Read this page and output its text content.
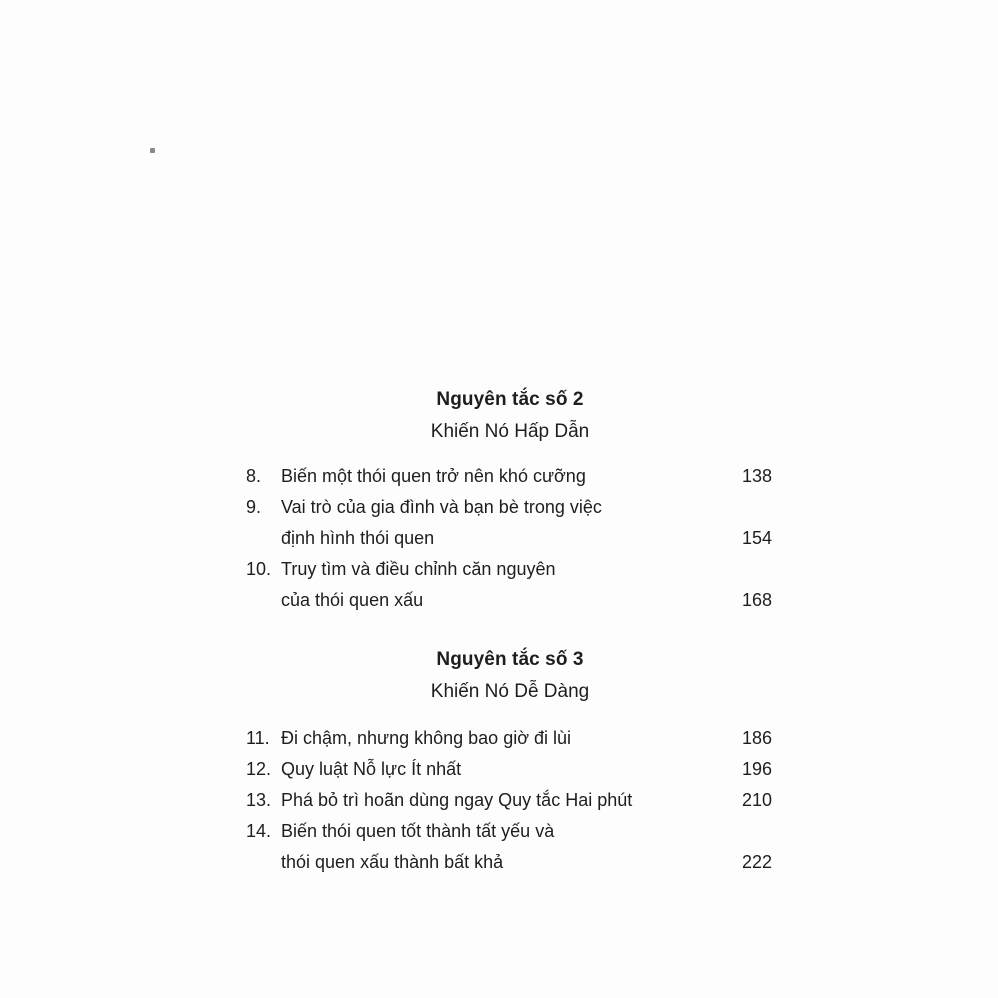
Nguyên tắc số 2
Khiến Nó Hấp Dẫn
8.	Biến một thói quen trở nên khó cưỡng	138
9.	Vai trò của gia đình và bạn bè trong việc
định hình thói quen	154
10. Truy tìm và điều chỉnh căn nguyên
của thói quen xấu	168
Nguyên tắc số 3
Khiến Nó Dễ Dàng
11. Đi chậm, nhưng không bao giờ đi lùi	186
12. Quy luật Nỗ lực Ít nhất	196
13. Phá bỏ trì hoãn dùng ngay Quy tắc Hai phút	210
14. Biến thói quen tốt thành tất yếu và
thói quen xấu thành bất khả	222
